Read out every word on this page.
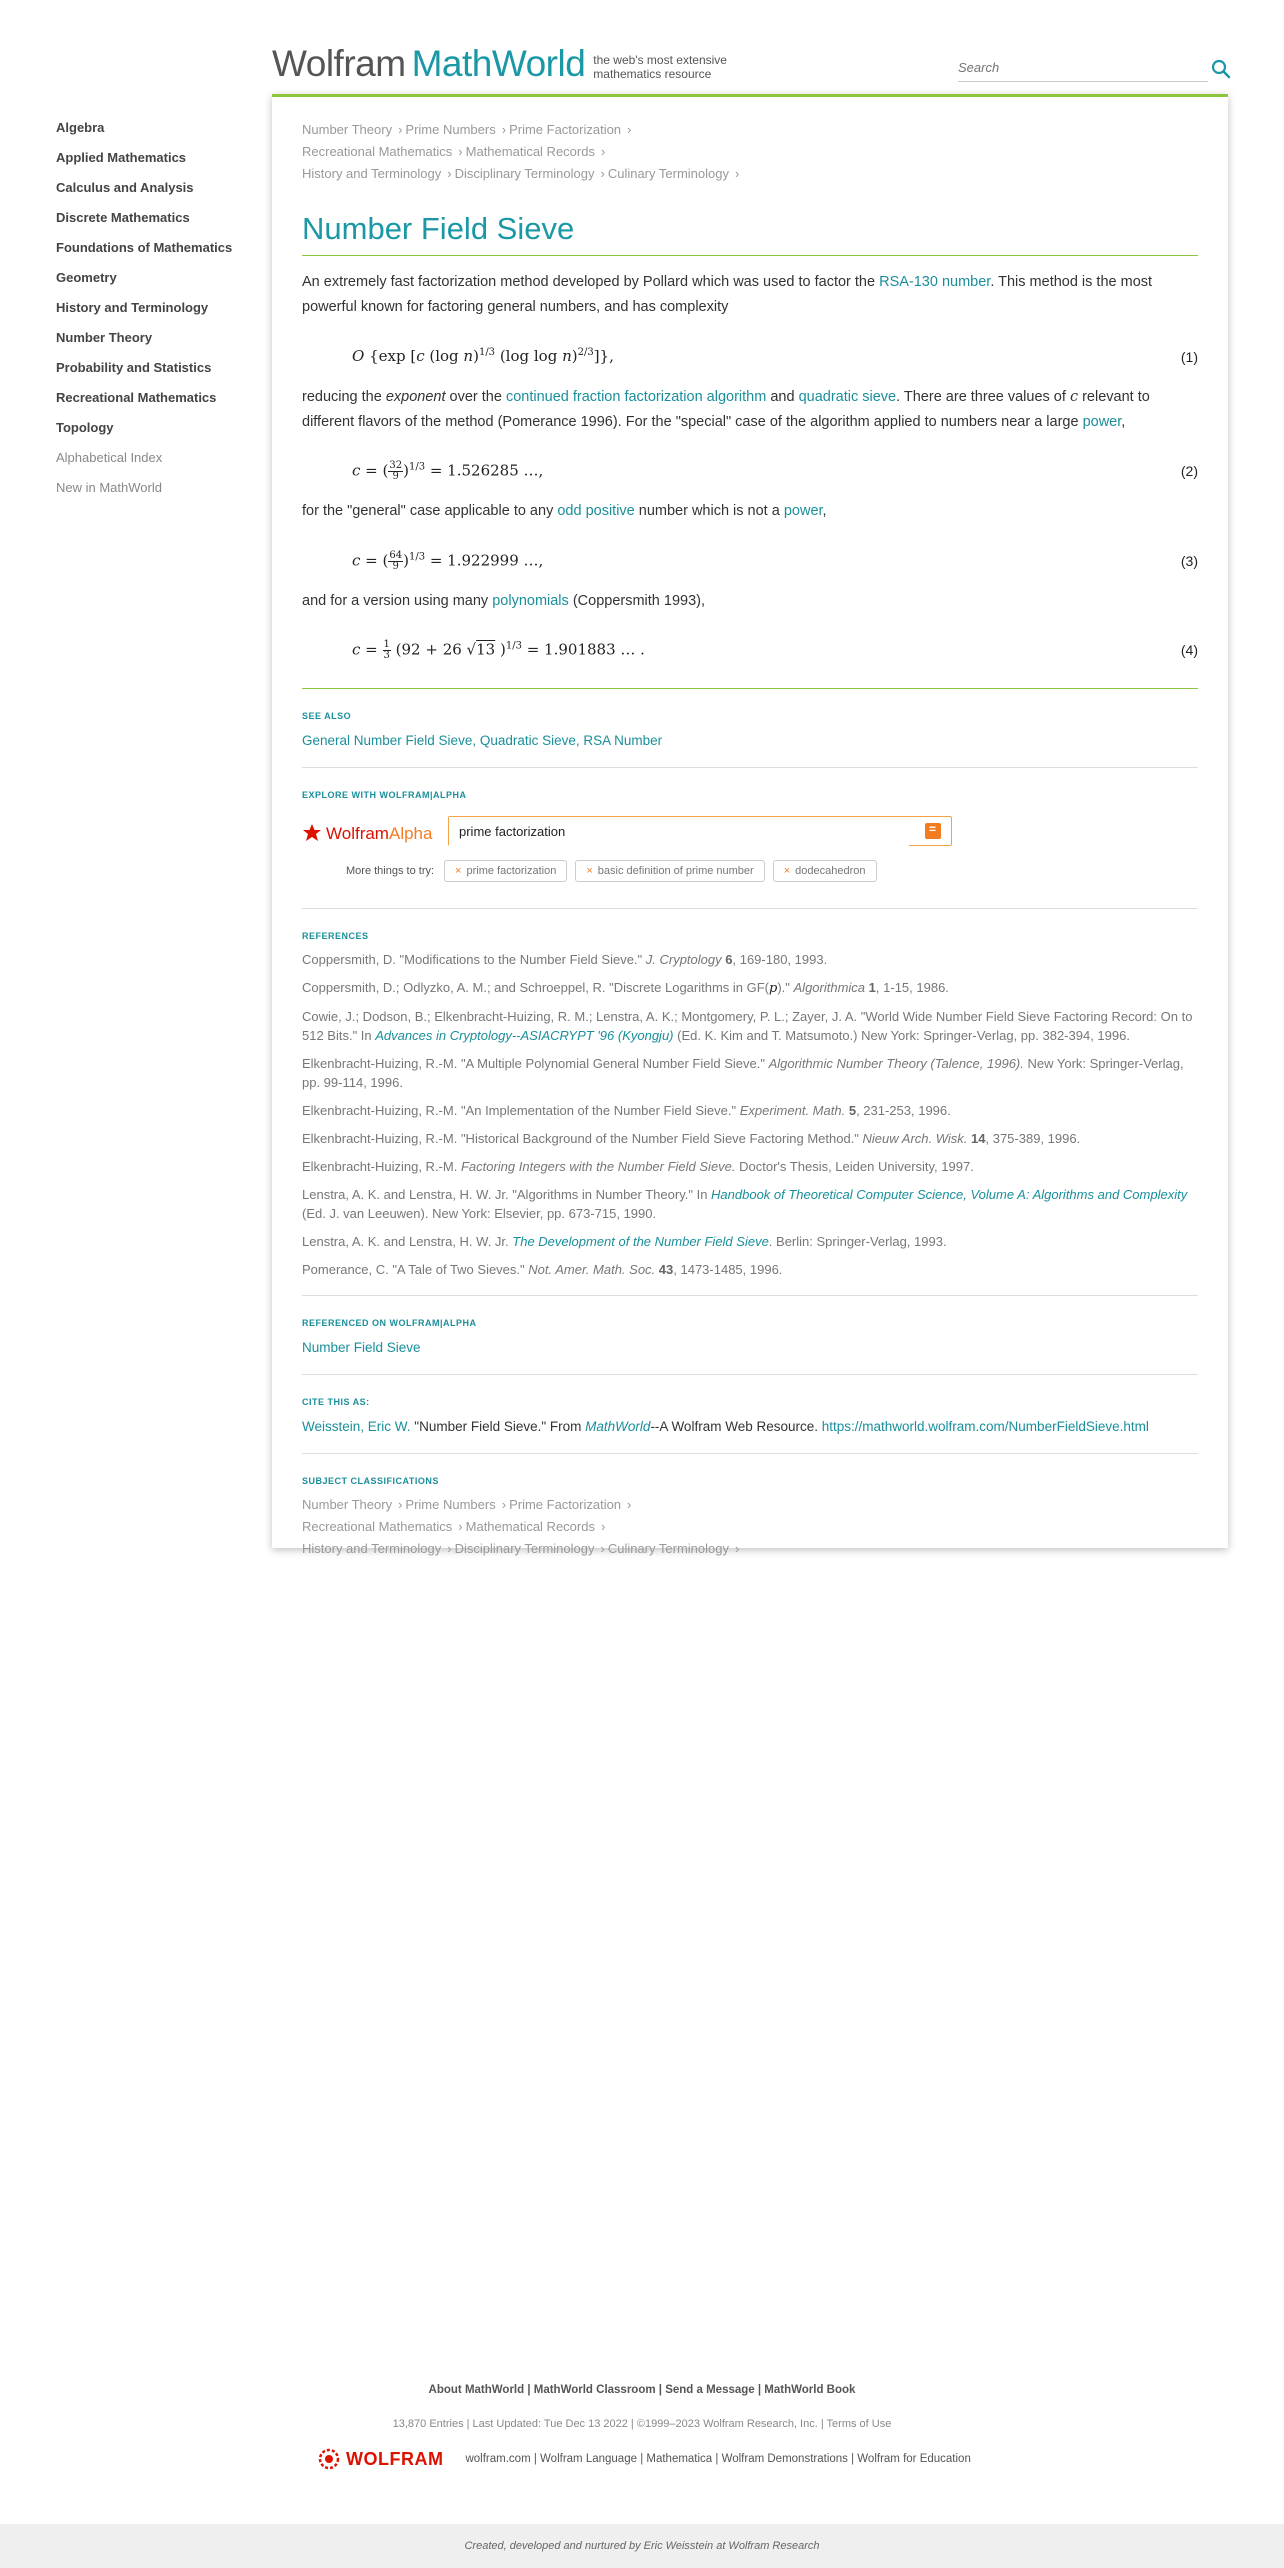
Wolfram MathWorld the web's most extensive mathematics resource
Search
Algebra
Applied Mathematics
Calculus and Analysis
Discrete Mathematics
Foundations of Mathematics
Geometry
History and Terminology
Number Theory
Probability and Statistics
Recreational Mathematics
Topology
Alphabetical Index
New in MathWorld
Number Theory › Prime Numbers › Prime Factorization ›
Recreational Mathematics › Mathematical Records ›
History and Terminology › Disciplinary Terminology › Culinary Terminology ›
Number Field Sieve

An extremely fast factorization method developed by Pollard which was used to factor the RSA-130 number. This method is the most powerful known for factoring general numbers, and has complexity

O {exp [c (log n)$^{1/3}$ (log log n)$^{2/3}$]},	(1)

reducing the exponent over the continued fraction factorization algorithm and quadratic sieve. There are three values of c relevant to different flavors of the method (Pomerance 1996). For the "special" case of the algorithm applied to numbers near a large power,

c = ( $\frac{32}{9} )^{1/3} = 1.526285$ …,	(2)

for the "general" case applicable to any odd positive number which is not a power,

c = ( $\frac{64}{9} )^{1/3} = 1.922999$ …,	(3)

and for a version using many polynomials (Coppersmith 1993),

$c = \frac{1}{3} (92 + 26$ √13 )$^{1/3}$ = 1.901883 … .	(4)
SEE ALSO
General Number Field Sieve, Quadratic Sieve, RSA Number
EXPLORE WITH WOLFRAM|ALPHA
Wolfram Alpha
prime factorization
=
More things to try:	× prime factorization	× basic definition of prime number	× dodecahedron
REFERENCES
Coppersmith, D. "Modifications to the Number Field Sieve." J. Cryptology 6, 169-180, 1993.
Coppersmith, D.; Odlyzko, A. M.; and Schroeppel, R. "Discrete Logarithms in GF(p)." Algorithmica 1, 1-15, 1986.
Cowie, J.; Dodson, B.; Elkenbracht-Huizing, R. M.; Lenstra, A. K.; Montgomery, P. L.; Zayer, J. A. "World Wide Number Field Sieve Factoring Record: On to 512 Bits." In Advances in Cryptology--ASIACRYPT '96 (Kyongju) (Ed. K. Kim and T. Matsumoto.) New York: Springer-Verlag, pp. 382-394, 1996.
Elkenbracht-Huizing, R.-M. "A Multiple Polynomial General Number Field Sieve." Algorithmic Number Theory (Talence, 1996). New York: Springer-Verlag, pp. 99-114, 1996.
Elkenbracht-Huizing, R.-M. "An Implementation of the Number Field Sieve." Experiment. Math. 5, 231-253, 1996.
Elkenbracht-Huizing, R.-M. "Historical Background of the Number Field Sieve Factoring Method." Nieuw Arch. Wisk. 14, 375-389, 1996.
Elkenbracht-Huizing, R.-M. Factoring Integers with the Number Field Sieve. Doctor's Thesis, Leiden University, 1997.
Lenstra, A. K. and Lenstra, H. W. Jr. "Algorithms in Number Theory." In Handbook of Theoretical Computer Science, Volume A: Algorithms and Complexity (Ed. J. van Leeuwen). New York: Elsevier, pp. 673-715, 1990.
Lenstra, A. K. and Lenstra, H. W. Jr. The Development of the Number Field Sieve. Berlin: Springer-Verlag, 1993.
Pomerance, C. "A Tale of Two Sieves." Not. Amer. Math. Soc. 43, 1473-1485, 1996.
REFERENCED ON WOLFRAM|ALPHA
Number Field Sieve
CITE THIS AS:
Weisstein, Eric W. "Number Field Sieve." From MathWorld--A Wolfram Web Resource. https://mathworld.wolfram.com/NumberFieldSieve.html
SUBJECT CLASSIFICATIONS
Number Theory › Prime Numbers › Prime Factorization ›
Recreational Mathematics › Mathematical Records ›
History and Terminology › Disciplinary Terminology › Culinary Terminology ›
About MathWorld | MathWorld Classroom | Send a Message | MathWorld Book
13,870 Entries | Last Updated: Tue Dec 13 2022 | ©1999–2023 Wolfram Research, Inc. | Terms of Use
WOLFRAM wolfram.com | Wolfram Language | Mathematica | Wolfram Demonstrations | Wolfram for Education
Created, developed and nurtured by Eric Weisstein at Wolfram Research
